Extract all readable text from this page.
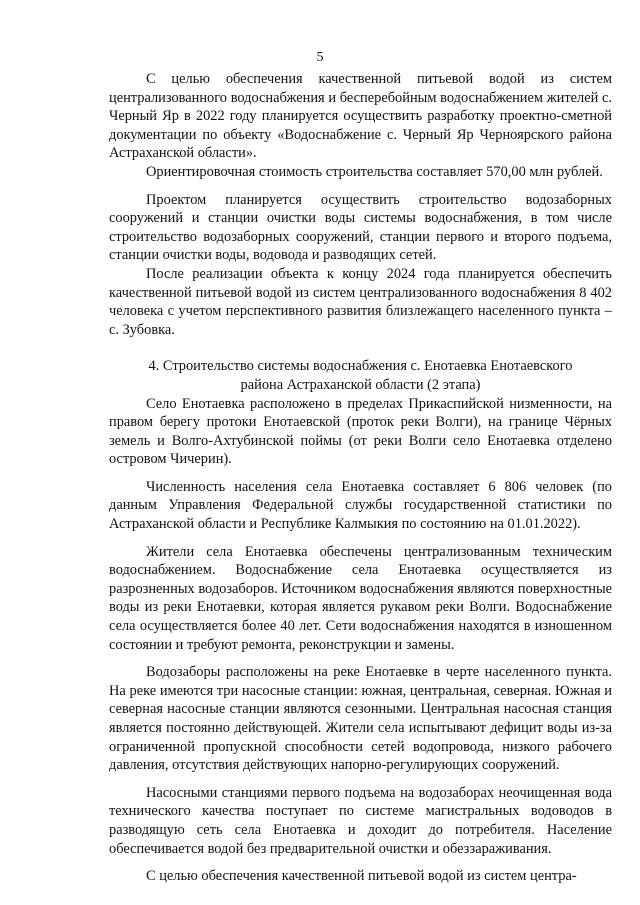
5

С целью обеспечения качественной питьевой водой из систем централизованного водоснабжения и бесперебойным водоснабжением жителей с. Черный Яр в 2022 году планируется осуществить разработку проектно-сметной документации по объекту «Водоснабжение с. Черный Яр Черноярского района Астраханской области».

Ориентировочная стоимость строительства составляет 570,00 млн рублей.

Проектом планируется осуществить строительство водозаборных сооружений и станции очистки воды системы водоснабжения, в том числе строительство водозаборных сооружений, станции первого и второго подъема, станции очистки воды, водовода и разводящих сетей.

После реализации объекта к концу 2024 года планируется обеспечить качественной питьевой водой из систем централизованного водоснабжения 8 402 человека с учетом перспективного развития близлежащего населенного пункта – с. Зубовка.

4. Строительство системы водоснабжения с. Енотаевка Енотаевского района Астраханской области (2 этапа)

Село Енотаевка расположено в пределах Прикаспийской низменности, на правом берегу протоки Енотаевской (проток реки Волги), на границе Чёрных земель и Волго-Ахтубинской поймы (от реки Волги село Енотаевка отделено островом Чичерин).

Численность населения села Енотаевка составляет 6 806 человек (по данным Управления Федеральной службы государственной статистики по Астраханской области и Республике Калмыкия по состоянию на 01.01.2022).

Жители села Енотаевка обеспечены централизованным техническим водоснабжением. Водоснабжение села Енотаевка осуществляется из разрозненных водозаборов. Источником водоснабжения являются поверхностные воды из реки Енотаевки, которая является рукавом реки Волги. Водоснабжение села осуществляется более 40 лет. Сети водоснабжения находятся в изношенном состоянии и требуют ремонта, реконструкции и замены.

Водозаборы расположены на реке Енотаевке в черте населенного пункта. На реке имеются три насосные станции: южная, центральная, северная. Южная и северная насосные станции являются сезонными. Центральная насосная станция является постоянно действующей. Жители села испытывают дефицит воды из-за ограниченной пропускной способности сетей водопровода, низкого рабочего давления, отсутствия действующих напорно-регулирующих сооружений.

Насосными станциями первого подъема на водозаборах неочищенная вода технического качества поступает по системе магистральных водоводов в разводящую сеть села Енотаевка и доходит до потребителя. Население обеспечивается водой без предварительной очистки и обеззараживания.

С целью обеспечения качественной питьевой водой из систем центра-
